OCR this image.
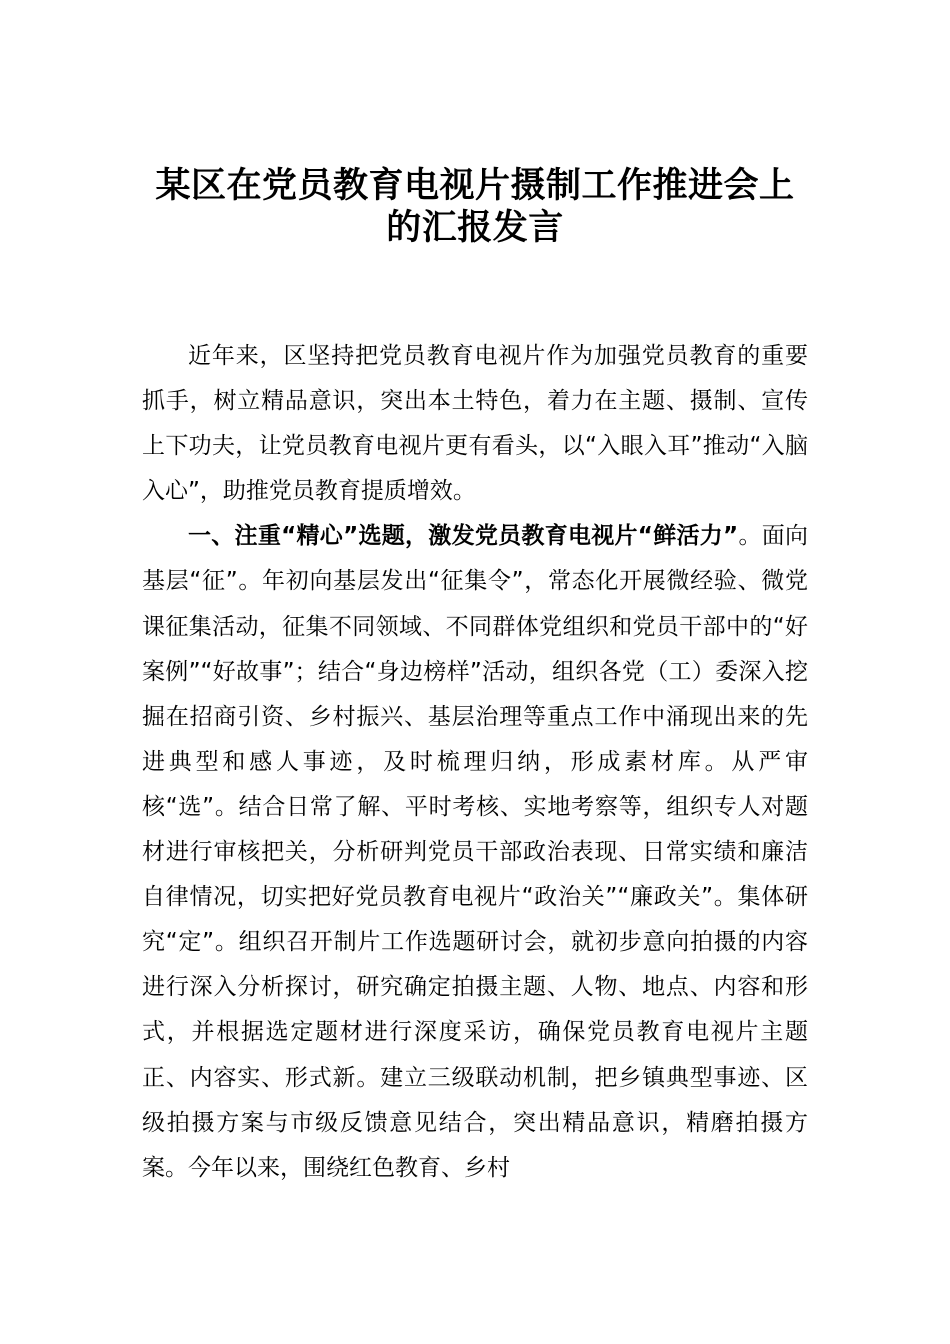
某区在党员教育电视片摄制工作推进会上
的汇报发言

近年来，区坚持把党员教育电视片作为加强党员教育的重要抓手，树立精品意识，突出本土特色，着力在主题、摄制、宣传上下功夫，让党员教育电视片更有看头，以“入眼入耳”推动“入脑入心”，助推党员教育提质增效。

一、注重“精心”选题，激发党员教育电视片“鲜活力”。面向基层“征”。年初向基层发出“征集令”，常态化开展微经验、微党课征集活动，征集不同领域、不同群体党组织和党员干部中的“好案例”“好故事”；结合“身边榜样”活动，组织各党（工）委深入挖掘在招商引资、乡村振兴、基层治理等重点工作中涌现出来的先进典型和感人事迹，及时梳理归纳，形成素材库。从严审核“选”。结合日常了解、平时考核、实地考察等，组织专人对题材进行审核把关，分析研判党员干部政治表现、日常实绩和廉洁自律情况，切实把好党员教育电视片“政治关”“廉政关”。集体研究“定”。组织召开制片工作选题研讨会，就初步意向拍摄的内容进行深入分析探讨，研究确定拍摄主题、人物、地点、内容和形式，并根据选定题材进行深度采访，确保党员教育电视片主题正、内容实、形式新。建立三级联动机制，把乡镇典型事迹、区级拍摄方案与市级反馈意见结合，突出精品意识，精磨拍摄方案。今年以来，围绕红色教育、乡村
